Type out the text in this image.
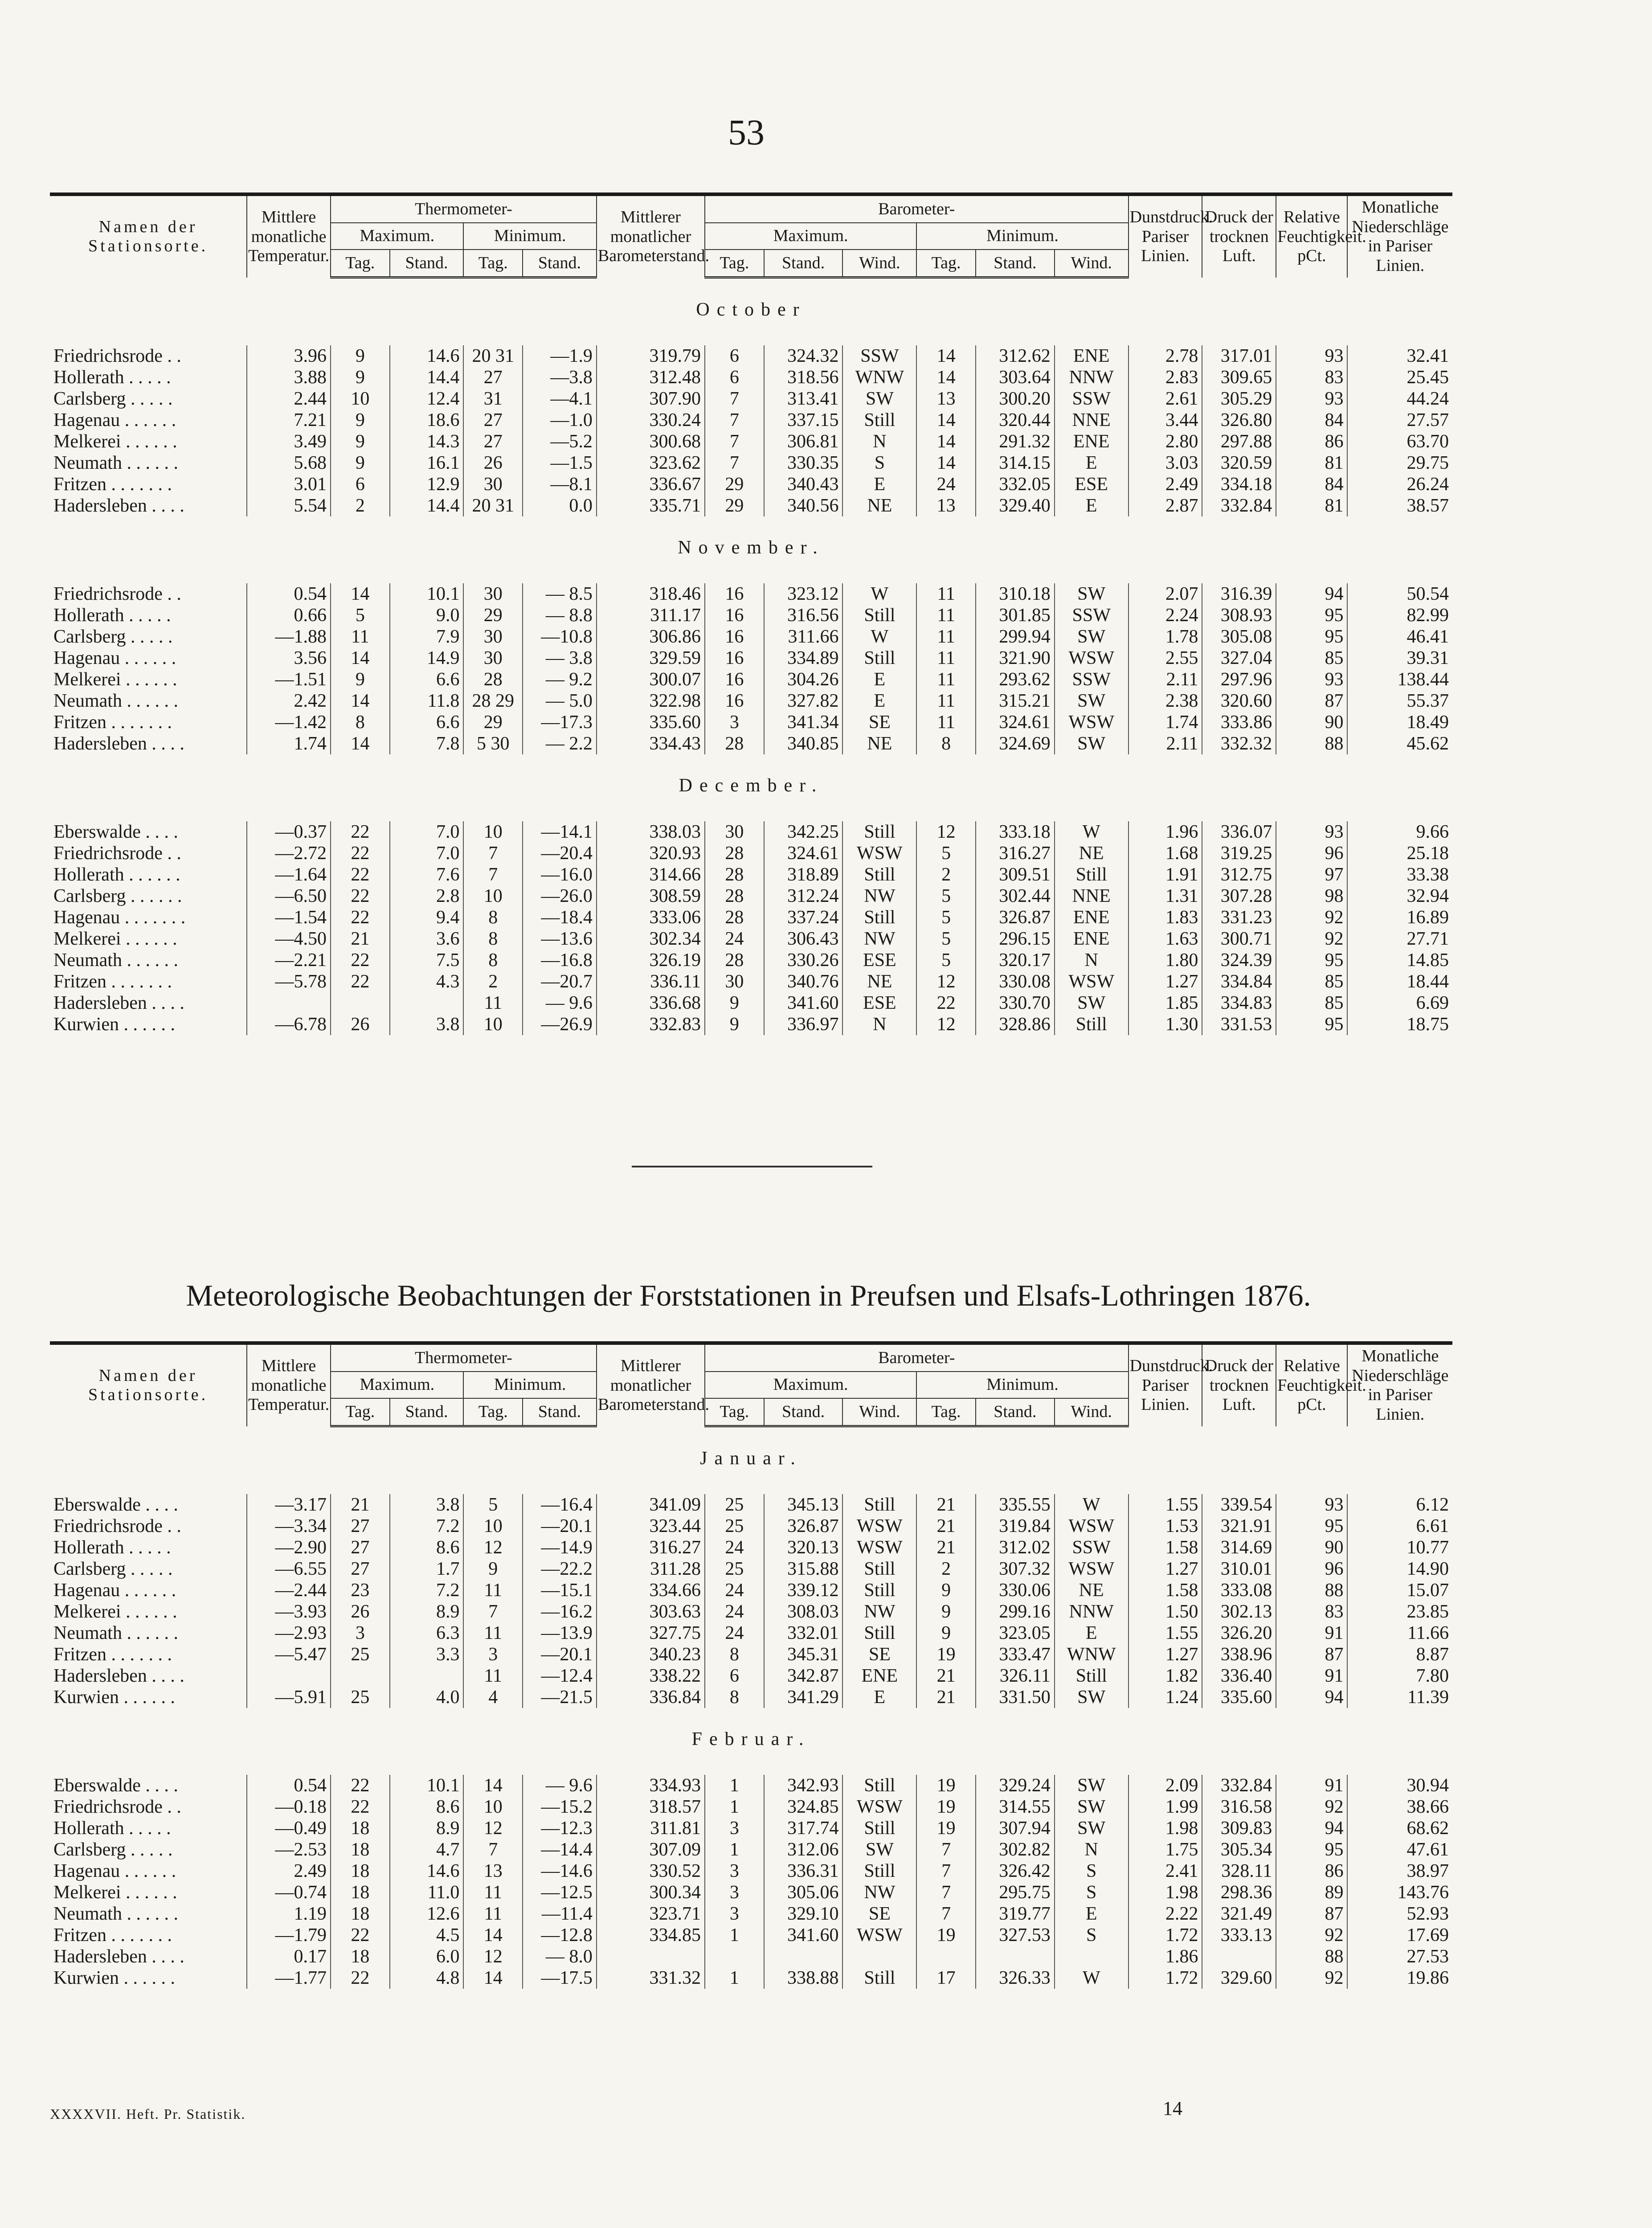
53
Namen der Stationsorte.	Mittlere monatliche Temperatur.	Thermometer-				Mittlerer monatlicher Barometerstand.	Barometer-						Dunstdruck. Pariser Linien.	Druck der trocknen Luft.	Relative Feuchtigkeit. pCt.	Monatliche Niederschläge in Pariser Linien.
		Maximum.		Minimum.			Maximum.			Minimum.						
		Tag.	Stand.	Tag.	Stand.		Tag.	Stand.	Wind.	Tag.	Stand.	Wind.				
October																

Friedrichsrode . .	3.96	9	14.6	20 31	—1.9	319.79	6	324.32	SSW	14	312.62	ENE	2.78	317.01	93	32.41
Hollerath . . . . .	3.88	9	14.4	27	—3.8	312.48	6	318.56	WNW	14	303.64	NNW	2.83	309.65	83	25.45
Carlsberg . . . . .	2.44	10	12.4	31	—4.1	307.90	7	313.41	SW	13	300.20	SSW	2.61	305.29	93	44.24
Hagenau . . . . . .	7.21	9	18.6	27	—1.0	330.24	7	337.15	Still	14	320.44	NNE	3.44	326.80	84	27.57
Melkerei . . . . . .	3.49	9	14.3	27	—5.2	300.68	7	306.81	N	14	291.32	ENE	2.80	297.88	86	63.70
Neumath . . . . . .	5.68	9	16.1	26	—1.5	323.62	7	330.35	S	14	314.15	E	3.03	320.59	81	29.75
Fritzen . . . . . . .	3.01	6	12.9	30	—8.1	336.67	29	340.43	E	24	332.05	ESE	2.49	334.18	84	26.24
Hadersleben . . . .	5.54	2	14.4	20 31	0.0	335.71	29	340.56	NE	13	329.40	E	2.87	332.84	81	38.57
November.																

Friedrichsrode . .	0.54	14	10.1	30	— 8.5	318.46	16	323.12	W	11	310.18	SW	2.07	316.39	94	50.54
Hollerath . . . . .	0.66	5	9.0	29	— 8.8	311.17	16	316.56	Still	11	301.85	SSW	2.24	308.93	95	82.99
Carlsberg . . . . .	—1.88	11	7.9	30	—10.8	306.86	16	311.66	W	11	299.94	SW	1.78	305.08	95	46.41
Hagenau . . . . . .	3.56	14	14.9	30	— 3.8	329.59	16	334.89	Still	11	321.90	WSW	2.55	327.04	85	39.31
Melkerei . . . . . .	—1.51	9	6.6	28	— 9.2	300.07	16	304.26	E	11	293.62	SSW	2.11	297.96	93	138.44
Neumath . . . . . .	2.42	14	11.8	28 29	— 5.0	322.98	16	327.82	E	11	315.21	SW	2.38	320.60	87	55.37
Fritzen . . . . . . .	—1.42	8	6.6	29	—17.3	335.60	3	341.34	SE	11	324.61	WSW	1.74	333.86	90	18.49
Hadersleben . . . .	1.74	14	7.8	5 30	— 2.2	334.43	28	340.85	NE	8	324.69	SW	2.11	332.32	88	45.62
December.																

Eberswalde . . . .	—0.37	22	7.0	10	—14.1	338.03	30	342.25	Still	12	333.18	W	1.96	336.07	93	9.66
Friedrichsrode . .	—2.72	22	7.0	7	—20.4	320.93	28	324.61	WSW	5	316.27	NE	1.68	319.25	96	25.18
Hollerath . . . . . .	—1.64	22	7.6	7	—16.0	314.66	28	318.89	Still	2	309.51	Still	1.91	312.75	97	33.38
Carlsberg . . . . . .	—6.50	22	2.8	10	—26.0	308.59	28	312.24	NW	5	302.44	NNE	1.31	307.28	98	32.94
Hagenau . . . . . . .	—1.54	22	9.4	8	—18.4	333.06	28	337.24	Still	5	326.87	ENE	1.83	331.23	92	16.89
Melkerei . . . . . .	—4.50	21	3.6	8	—13.6	302.34	24	306.43	NW	5	296.15	ENE	1.63	300.71	92	27.71
Neumath . . . . . .	—2.21	22	7.5	8	—16.8	326.19	28	330.26	ESE	5	320.17	N	1.80	324.39	95	14.85
Fritzen . . . . . . .	—5.78	22	4.3	2	—20.7	336.11	30	340.76	NE	12	330.08	WSW	1.27	334.84	85	18.44
Hadersleben . . . .				11	— 9.6	336.68	9	341.60	ESE	22	330.70	SW	1.85	334.83	85	6.69
Kurwien . . . . . .	—6.78	26	3.8	10	—26.9	332.83	9	336.97	N	12	328.86	Still	1.30	331.53	95	18.75
Meteorologische Beobachtungen der Forststationen in Preufsen und Elsafs-Lothringen 1876.
Namen der Stationsorte.	Mittlere monatliche Temperatur.	Thermometer-				Mittlerer monatlicher Barometerstand.	Barometer-						Dunstdruck. Pariser Linien.	Druck der trocknen Luft.	Relative Feuchtigkeit. pCt.	Monatliche Niederschläge in Pariser Linien.
		Maximum.		Minimum.			Maximum.			Minimum.						
		Tag.	Stand.	Tag.	Stand.		Tag.	Stand.	Wind.	Tag.	Stand.	Wind.				
Januar.																

Eberswalde . . . .	—3.17	21	3.8	5	—16.4	341.09	25	345.13	Still	21	335.55	W	1.55	339.54	93	6.12
Friedrichsrode . .	—3.34	27	7.2	10	—20.1	323.44	25	326.87	WSW	21	319.84	WSW	1.53	321.91	95	6.61
Hollerath . . . . .	—2.90	27	8.6	12	—14.9	316.27	24	320.13	WSW	21	312.02	SSW	1.58	314.69	90	10.77
Carlsberg . . . . .	—6.55	27	1.7	9	—22.2	311.28	25	315.88	Still	2	307.32	WSW	1.27	310.01	96	14.90
Hagenau . . . . . .	—2.44	23	7.2	11	—15.1	334.66	24	339.12	Still	9	330.06	NE	1.58	333.08	88	15.07
Melkerei . . . . . .	—3.93	26	8.9	7	—16.2	303.63	24	308.03	NW	9	299.16	NNW	1.50	302.13	83	23.85
Neumath . . . . . .	—2.93	3	6.3	11	—13.9	327.75	24	332.01	Still	9	323.05	E	1.55	326.20	91	11.66
Fritzen . . . . . . .	—5.47	25	3.3	3	—20.1	340.23	8	345.31	SE	19	333.47	WNW	1.27	338.96	87	8.87
Hadersleben . . . .				11	—12.4	338.22	6	342.87	ENE	21	326.11	Still	1.82	336.40	91	7.80
Kurwien . . . . . .	—5.91	25	4.0	4	—21.5	336.84	8	341.29	E	21	331.50	SW	1.24	335.60	94	11.39
Februar.																

Eberswalde . . . .	0.54	22	10.1	14	— 9.6	334.93	1	342.93	Still	19	329.24	SW	2.09	332.84	91	30.94
Friedrichsrode . .	—0.18	22	8.6	10	—15.2	318.57	1	324.85	WSW	19	314.55	SW	1.99	316.58	92	38.66
Hollerath . . . . .	—0.49	18	8.9	12	—12.3	311.81	3	317.74	Still	19	307.94	SW	1.98	309.83	94	68.62
Carlsberg . . . . .	—2.53	18	4.7	7	—14.4	307.09	1	312.06	SW	7	302.82	N	1.75	305.34	95	47.61
Hagenau . . . . . .	2.49	18	14.6	13	—14.6	330.52	3	336.31	Still	7	326.42	S	2.41	328.11	86	38.97
Melkerei . . . . . .	—0.74	18	11.0	11	—12.5	300.34	3	305.06	NW	7	295.75	S	1.98	298.36	89	143.76
Neumath . . . . . .	1.19	18	12.6	11	—11.4	323.71	3	329.10	SE	7	319.77	E	2.22	321.49	87	52.93
Fritzen . . . . . . .	—1.79	22	4.5	14	—12.8	334.85	1	341.60	WSW	19	327.53	S	1.72	333.13	92	17.69
Hadersleben . . . .	0.17	18	6.0	12	— 8.0								1.86		88	27.53
Kurwien . . . . . .	—1.77	22	4.8	14	—17.5	331.32	1	338.88	Still	17	326.33	W	1.72	329.60	92	19.86
XXXXVII. Heft. Pr. Statistik.	14
